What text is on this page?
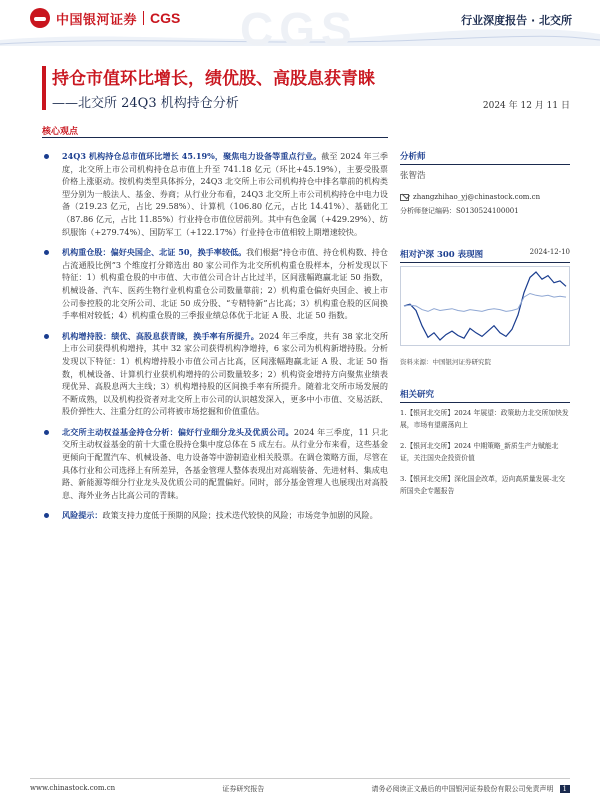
CGS
中国银河证券 CGS	行业深度报告 · 北交所
持仓市值环比增长，绩优股、高股息获青睐
——北交所 24Q3 机构持仓分析	2024 年 12 月 11 日
核心观点
24Q3 机构持仓总市值环比增长 45.19%，聚焦电力设备等重点行业。截至 2024 年三季度，北交所上市公司机构持仓总市值上升至 741.18 亿元（环比+45.19%），主要受股票价格上涨驱动。按机构类型具体拆分，24Q3 北交所上市公司机构持仓中排名靠前的机构类型分别为一般法人、基金、券商；从行业分布看，24Q3 北交所上市公司机构持仓中电力设备（219.23 亿元，占比 29.58%）、计算机（106.80 亿元，占比 14.41%）、基础化工（87.86 亿元，占比 11.85%）行业持仓市值位居前列。其中有色金属（+429.29%）、纺织服饰（+279.74%）、国防军工（+122.17%）行业持仓市值相较上期增速较快。
机构重仓股：偏好央国企、北证 50，换手率较低。我们根据“持仓市值、持仓机构数、持仓占流通股比例”3 个维度打分筛选出 80 家公司作为北交所机构重仓股样本，分析发现以下特征：1）机构重仓股的中市值、大市值公司合计占比过半，区间涨幅跑赢北证 50 指数，机械设备、汽车、医药生物行业机构重仓公司数量靠前；2）机构重仓偏好央国企、被上市公司参控股的北交所公司、北证 50 成分股、“专精特新”占比高；3）机构重仓股的区间换手率相对较低；4）机构重仓股的三季报业绩总体优于北证 A 股、北证 50 指数。
机构增持股：绩优、高股息获青睐，换手率有所提升。2024 年三季度，共有 38 家北交所上市公司获得机构增持，其中 32 家公司获得机构净增持，6 家公司为机构新增持股。分析发现以下特征：1）机构增持股小市值公司占比高，区间涨幅跑赢北证 A 股、北证 50 指数，机械设备、计算机行业获机构增持的公司数量较多；2）机构资金增持方向聚焦业绩表现优异、高股息两大主线；3）机构增持股的区间换手率有所提升。随着北交所市场发展的不断成熟，以及机构投资者对北交所上市公司的认识越发深入，更多中小市值、交易活跃、股价弹性大、注重分红的公司将被市场挖掘和价值重估。
北交所主动权益基金持仓分析：偏好行业细分龙头及优质公司。2024 年三季度，11 只北交所主动权益基金的前十大重仓股持仓集中度总体在 5 成左右。从行业分布来看，这些基金更倾向于配置汽车、机械设备、电力设备等中游制造业相关股票。在调仓策略方面，尽管在具体行业和公司选择上有所差异，各基金管理人整体表现出对高端装备、先进材料、集成电路、新能源等细分行业龙头及优质公司的配置偏好。同时，部分基金管理人也展现出对高股息、海外业务占比高公司的青睐。
风险提示：政策支持力度低于预期的风险；技术迭代较快的风险；市场竞争加剧的风险。
分析师
张智浩
zhangzhihao_yj@chinastock.com.cn
分析师登记编码：S0130524100001
相对沪深 300 表现图	2024-12-10
资料来源：中国银河证券研究院
相关研究
1.【银河北交所】2024 年展望：政策助力北交所加快发展，市场有望震荡向上
2.【银河北交所】2024 中期策略_新质生产力赋能北证，关注国央企投资价值
3.【银河北交所】深化国企改革，迈向高质量发展-北交所国央企专题报告
www.chinastock.com.cn	证券研究报告	请务必阅读正文最后的中国银河证券股份有限公司免责声明 1
